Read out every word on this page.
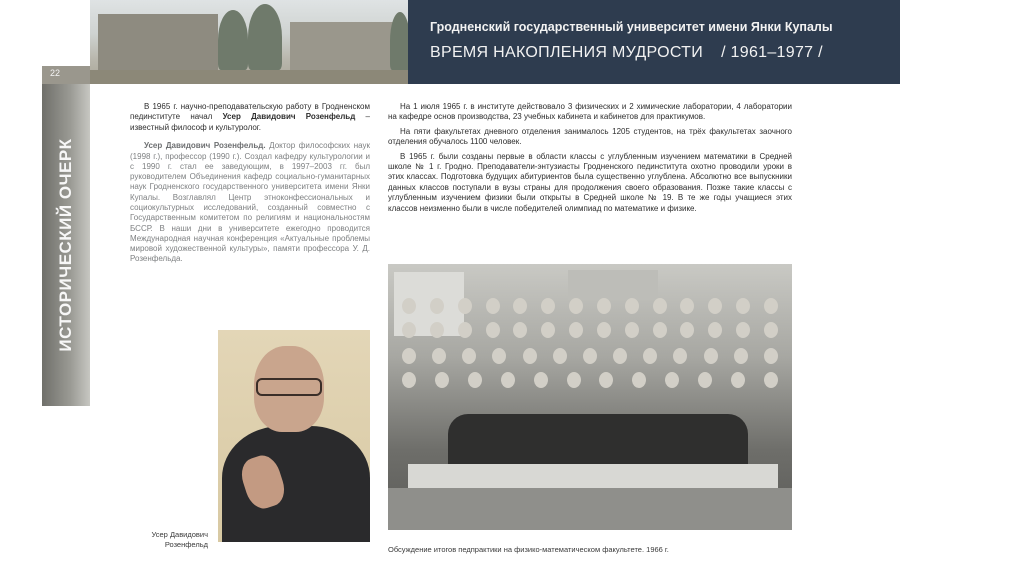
Гродненский государственный университет имени Янки Купалы
ВРЕМЯ НАКОПЛЕНИЯ МУДРОСТИ / 1961–1977 /
22
ИСТОРИЧЕСКИЙ ОЧЕРК

В 1965 г. научно-преподавательскую работу в Гродненском пединституте начал Усер Давидович Розенфельд – известный философ и культуролог.

Усер Давидович Розенфельд. Доктор философских наук (1998 г.), профессор (1990 г.). Создал кафедру культурологии и с 1990 г. стал ее заведующим, в 1997–2003 гг. был руководителем Объединения кафедр социально-гуманитарных наук Гродненского государственного университета имени Янки Купалы. Возглавлял Центр этноконфессиональных и социокультурных исследований, созданный совместно с Государственным комитетом по религиям и национальностям БССР. В наши дни в университете ежегодно проводится Международная научная конференция «Актуальные проблемы мировой художественной культуры», памяти профессора У. Д. Розенфельда.

Усер Давидович Розенфельд

На 1 июля 1965 г. в институте действовало 3 физических и 2 химические лаборатории, 4 лаборатории на кафедре основ производства, 23 учебных кабинета и кабинетов для практикумов.

На пяти факультетах дневного отделения занималось 1205 студентов, на трёх факультетах заочного отделения обучалось 1100 человек.

В 1965 г. были созданы первые в области классы с углубленным изучением математики в Средней школе № 1 г. Гродно. Преподаватели-энтузиасты Гродненского пединститута охотно проводили уроки в этих классах. Подготовка будущих абитуриентов была существенно углублена. Абсолютно все выпускники данных классов поступали в вузы страны для продолжения своего образования. Позже такие классы с углубленным изучением физики были открыты в Средней школе № 19. В те же годы учащиеся этих классов неизменно были в числе победителей олимпиад по математике и физике.

Обсуждение итогов педпрактики на физико-математическом факультете. 1966 г.
